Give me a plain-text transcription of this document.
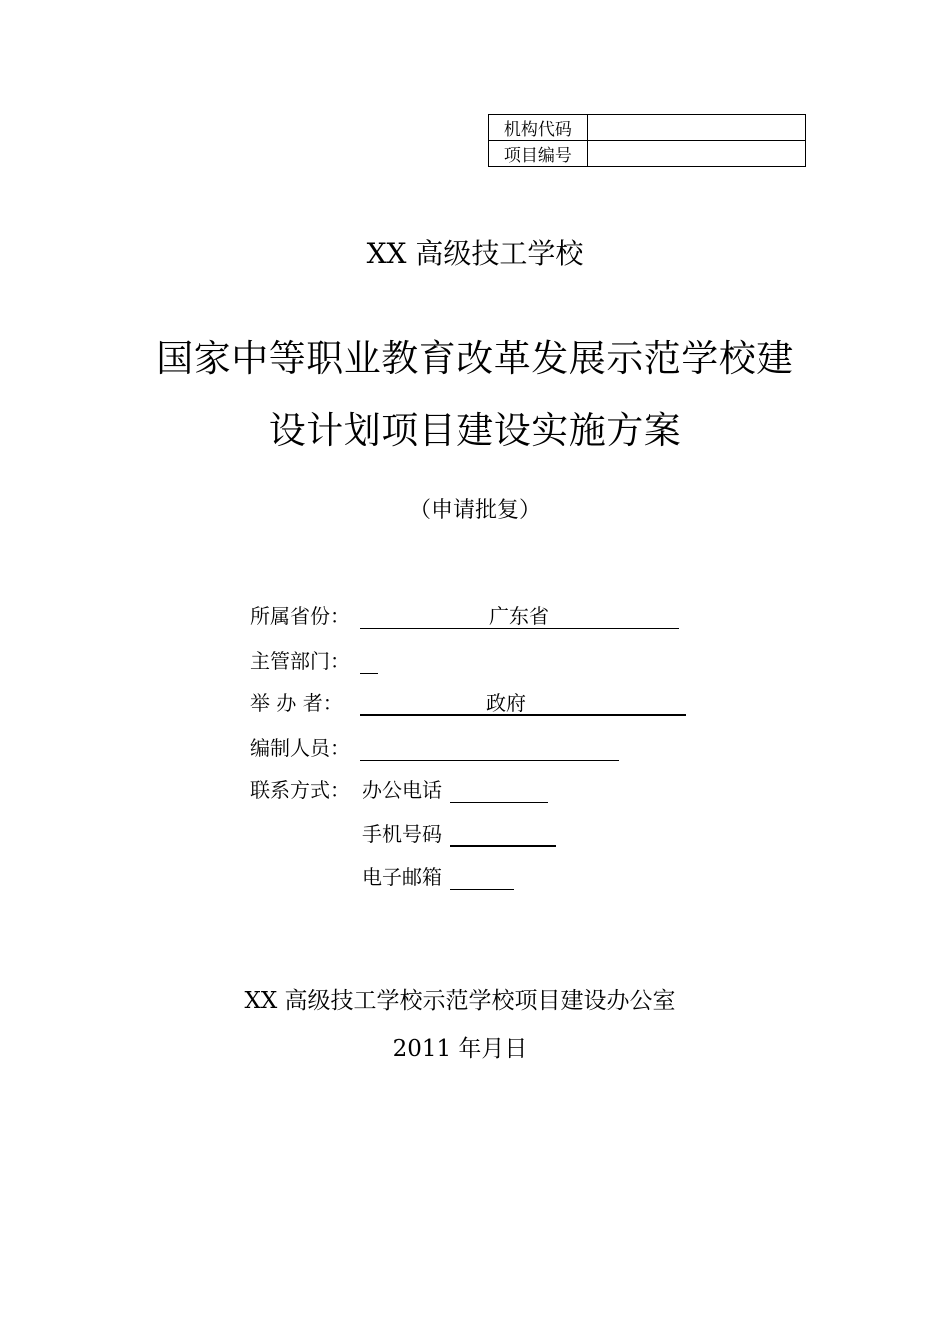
机构代码	
项目编号	
XX 高级技工学校
国家中等职业教育改革发展示范学校建
设计划项目建设实施方案
（申请批复）
所属省份：	广东省
主管部门：
举 办 者：	政府
编制人员：
联系方式： 办公电话
手机号码
电子邮箱
XX 高级技工学校示范学校项目建设办公室
2011 年月日
